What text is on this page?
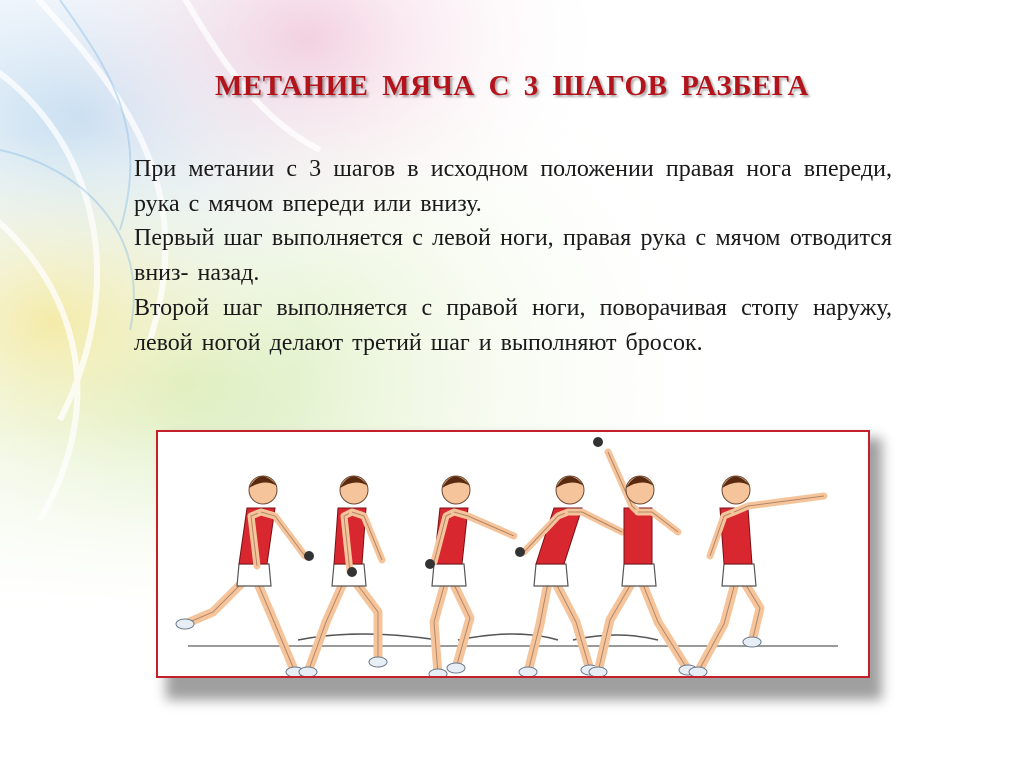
МЕТАНИЕ МЯЧА С 3 ШАГОВ РАЗБЕГА

При метании с 3 шагов в исходном положении правая нога впереди, рука с мячом впереди или внизу.

Первый шаг выполняется с левой ноги, правая рука с мячом отводится вниз- назад.

Второй шаг выполняется с правой ноги, поворачивая стопу наружу, левой ногой делают третий шаг и выполняют бросок.
